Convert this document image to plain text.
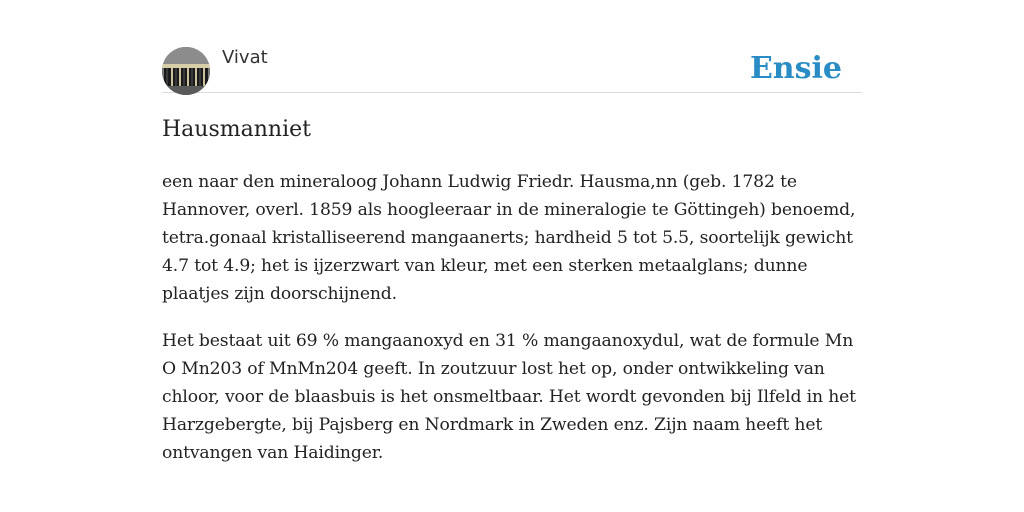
Vivat	Ensie
Hausmanniet

een naar den mineraloog Johann Ludwig Friedr. Hausma,nn (geb. 1782 te Hannover, overl. 1859 als hoogleeraar in de mineralogie te Göttingeh) benoemd, tetra.gonaal kristalliseerend mangaanerts; hardheid 5 tot 5.5, soortelijk gewicht 4.7 tot 4.9; het is ijzerzwart van kleur, met een sterken metaalglans; dunne plaatjes zijn doorschijnend.

Het bestaat uit 69 % mangaanoxyd en 31 % mangaanoxydul, wat de formule Mn O Mn203 of MnMn204 geeft. In zoutzuur lost het op, onder ontwikkeling van chloor, voor de blaasbuis is het onsmeltbaar. Het wordt gevonden bij Ilfeld in het Harzgebergte, bij Pajsberg en Nordmark in Zweden enz. Zijn naam heeft het ontvangen van Haidinger.
